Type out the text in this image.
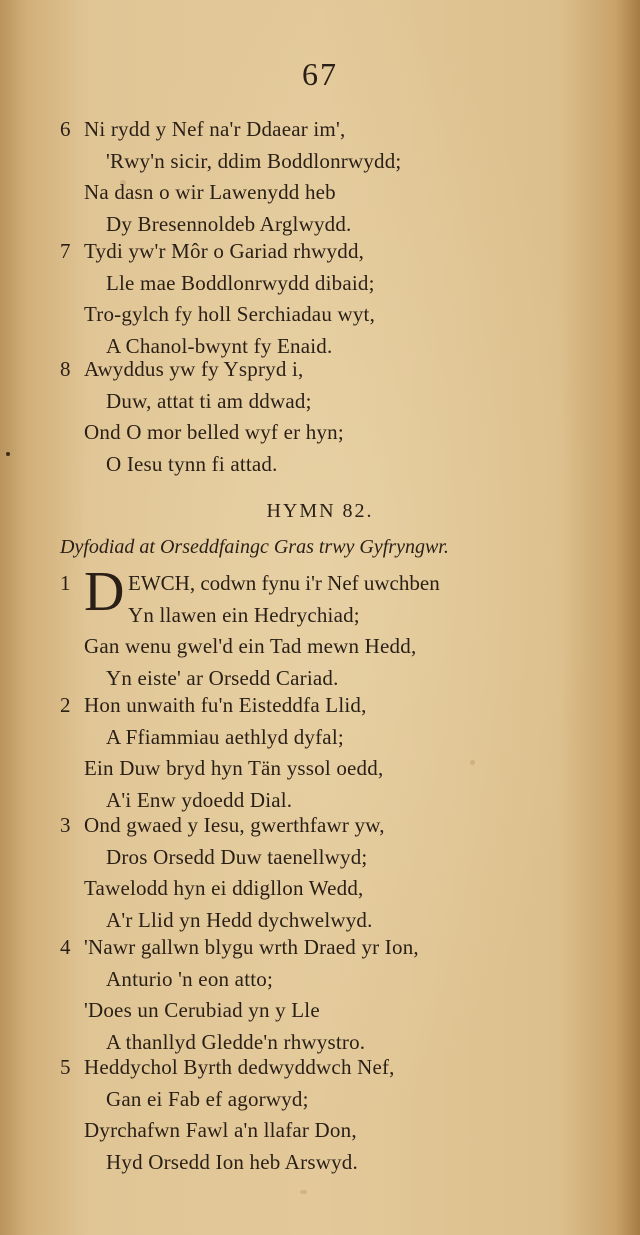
67
6 Ni rydd y Nef na'r Ddaear im',
'Rwy'n sicir, ddim Boddlonrwydd;
Na dasn o wir Lawenydd heb
Dy Bresennoldeb Arglwydd.
7 Tydi yw'r Môr o Gariad rhwydd,
Lle mae Boddlonrwydd dibaid;
Tro-gylch fy holl Serchiadau wyt,
A Chanol-bwynt fy Enaid.
8 Awyddus yw fy Yspryd i,
Duw, attat ti am ddwad;
Ond O mor belled wyf er hyn;
O Iesu tynn fi attad.
HYMN 82.
Dyfodiad at Orseddfaingc Gras trwy Gyfryngwr.
1 D EWCH, codwn fynu i'r Nef uwchben
Yn llawen ein Hedrychiad;
Gan wenu gwel'd ein Tad mewn Hedd,
Yn eiste' ar Orsedd Cariad.
2 Hon unwaith fu'n Eisteddfa Llid,
A Ffiammiau aethlyd dyfal;
Ein Duw bryd hyn Tän yssol oedd,
A'i Enw ydoedd Dial.
3 Ond gwaed y Iesu, gwerthfawr yw,
Dros Orsedd Duw taenellwyd;
Tawelodd hyn ei ddigllon Wedd,
A'r Llid yn Hedd dychwelwyd.
4 'Nawr gallwn blygu wrth Draed yr Ion,
Anturio 'n eon atto;
'Does un Cerubiad yn y Lle
A thanllyd Gledde'n rhwystro.
5 Heddychol Byrth dedwyddwch Nef,
Gan ei Fab ef agorwyd;
Dyrchafwn Fawl a'n llafar Don,
Hyd Orsedd Ion heb Arswyd.
